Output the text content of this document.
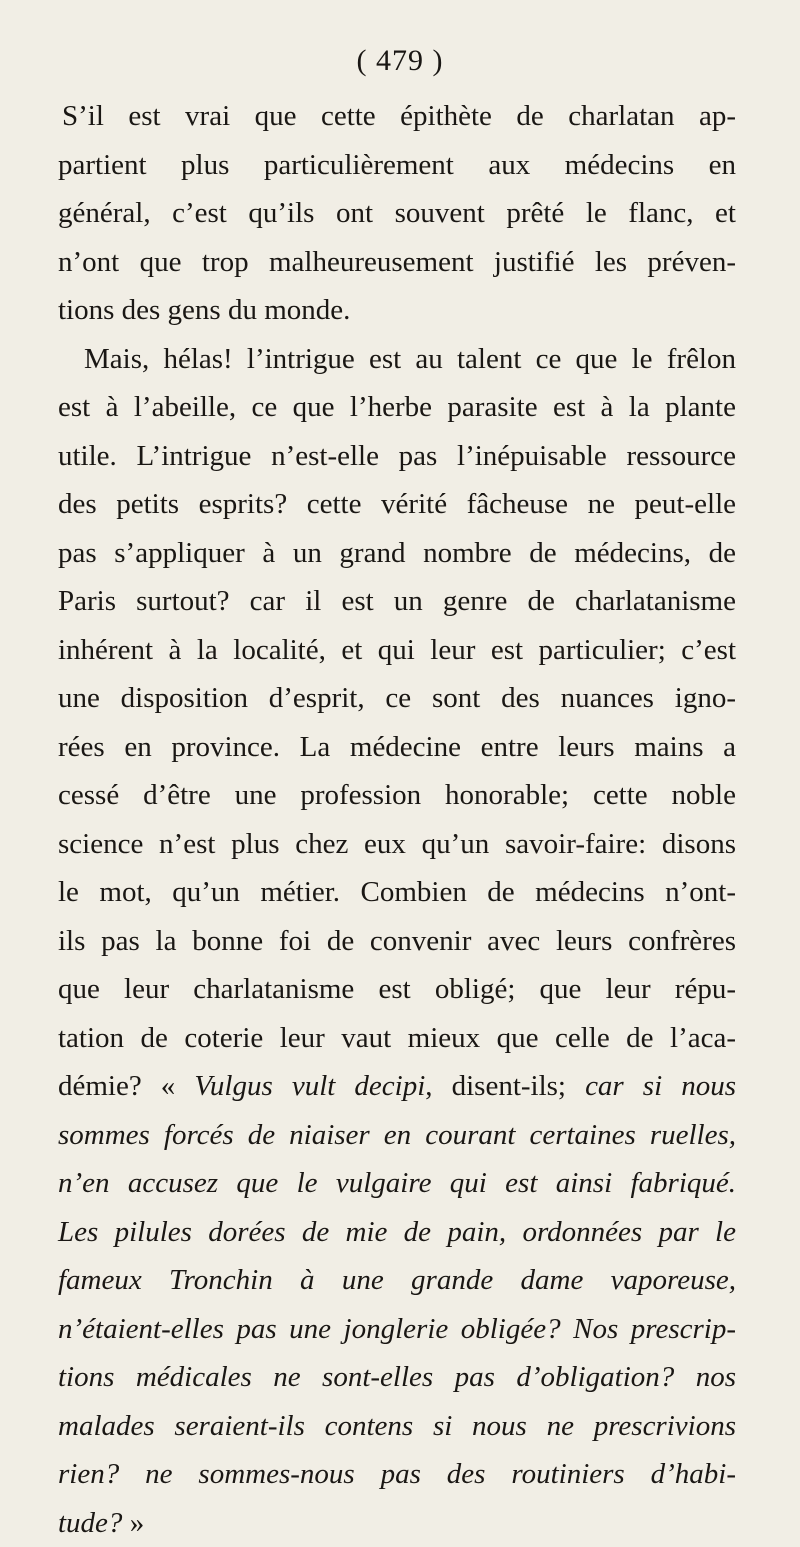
( 479 )
S’il est vrai que cette épithète de charlatan ap-
partient plus particulièrement aux médecins en
général, c’est qu’ils ont souvent prêté le flanc, et
n’ont que trop malheureusement justifié les préven-
tions des gens du monde.
Mais, hélas! l’intrigue est au talent ce que le frêlon
est à l’abeille, ce que l’herbe parasite est à la plante
utile. L’intrigue n’est-elle pas l’inépuisable ressource
des petits esprits? cette vérité fâcheuse ne peut-elle
pas s’appliquer à un grand nombre de médecins, de
Paris surtout? car il est un genre de charlatanisme
inhérent à la localité, et qui leur est particulier; c’est
une disposition d’esprit, ce sont des nuances igno-
rées en province. La médecine entre leurs mains a
cessé d’être une profession honorable; cette noble
science n’est plus chez eux qu’un savoir-faire: disons
le mot, qu’un métier. Combien de médecins n’ont-
ils pas la bonne foi de convenir avec leurs confrères
que leur charlatanisme est obligé; que leur répu-
tation de coterie leur vaut mieux que celle de l’aca-
démie? « Vulgus vult decipi, disent-ils; car si nous
sommes forcés de niaiser en courant certaines ruelles,
n’en accusez que le vulgaire qui est ainsi fabriqué.
Les pilules dorées de mie de pain, ordonnées par le
fameux Tronchin à une grande dame vaporeuse,
n’étaient-elles pas une jonglerie obligée? Nos prescrip-
tions médicales ne sont-elles pas d’obligation? nos
malades seraient-ils contens si nous ne prescrivions
rien? ne sommes-nous pas des routiniers d’habi-
tude? »
